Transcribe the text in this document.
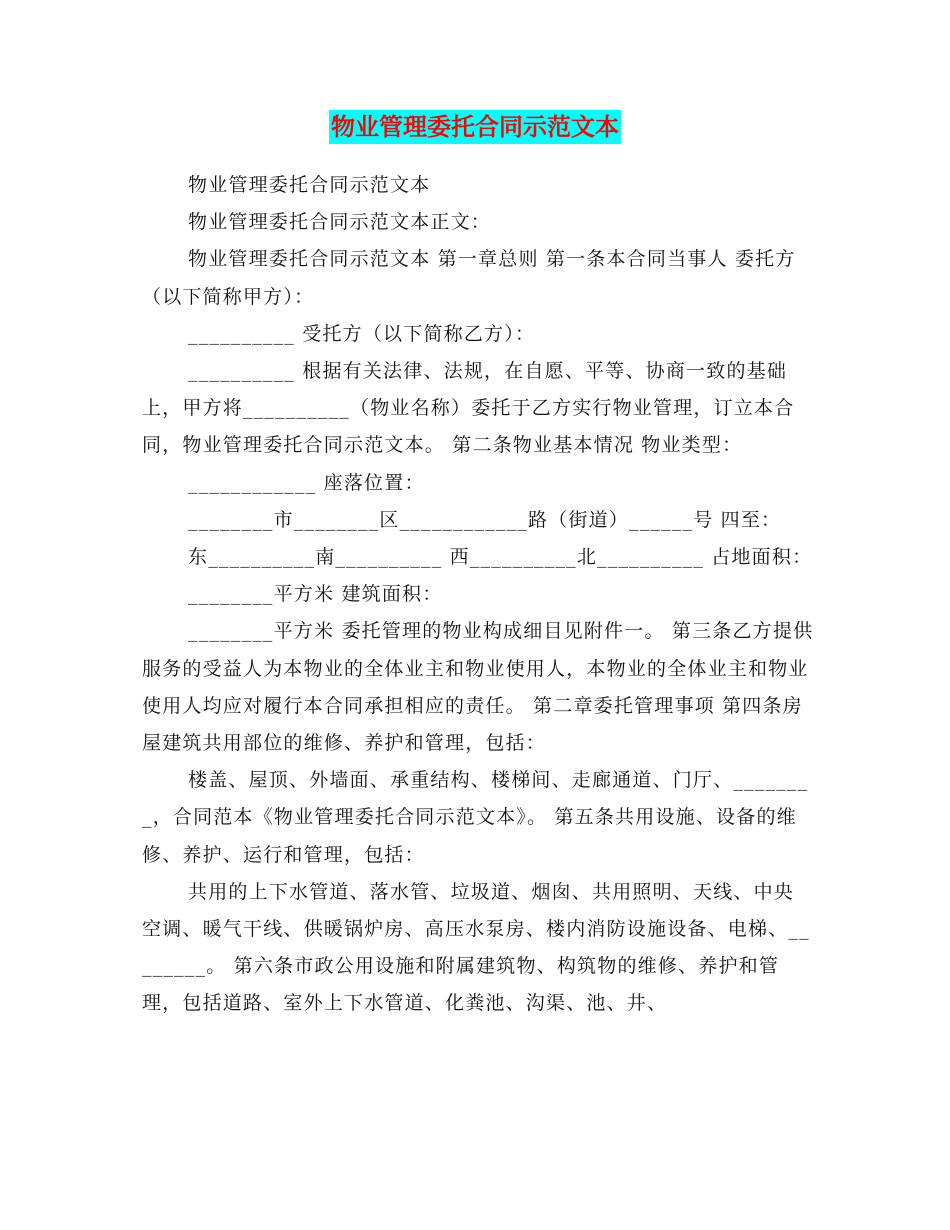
物业管理委托合同示范文本

物业管理委托合同示范文本

物业管理委托合同示范文本正文：

物业管理委托合同示范文本 第一章总则 第一条本合同当事人 委托方（以下简称甲方）：

__________ 受托方（以下简称乙方）：

__________ 根据有关法律、法规，在自愿、平等、协商一致的基础上，甲方将__________（物业名称）委托于乙方实行物业管理，订立本合同，物业管理委托合同示范文本。 第二条物业基本情况 物业类型：

____________ 座落位置：

________市________区____________路（街道）______号 四至：

东__________南__________ 西__________北__________ 占地面积：

________平方米 建筑面积：

________平方米 委托管理的物业构成细目见附件一。 第三条乙方提供服务的受益人为本物业的全体业主和物业使用人，本物业的全体业主和物业使用人均应对履行本合同承担相应的责任。 第二章委托管理事项 第四条房屋建筑共用部位的维修、养护和管理，包括：

楼盖、屋顶、外墙面、承重结构、楼梯间、走廊通道、门厅、________，合同范本《物业管理委托合同示范文本》。 第五条共用设施、设备的维修、养护、运行和管理，包括：

共用的上下水管道、落水管、垃圾道、烟囱、共用照明、天线、中央空调、暖气干线、供暖锅炉房、高压水泵房、楼内消防设施设备、电梯、________。 第六条市政公用设施和附属建筑物、构筑物的维修、养护和管理，包括道路、室外上下水管道、化粪池、沟渠、池、井、
